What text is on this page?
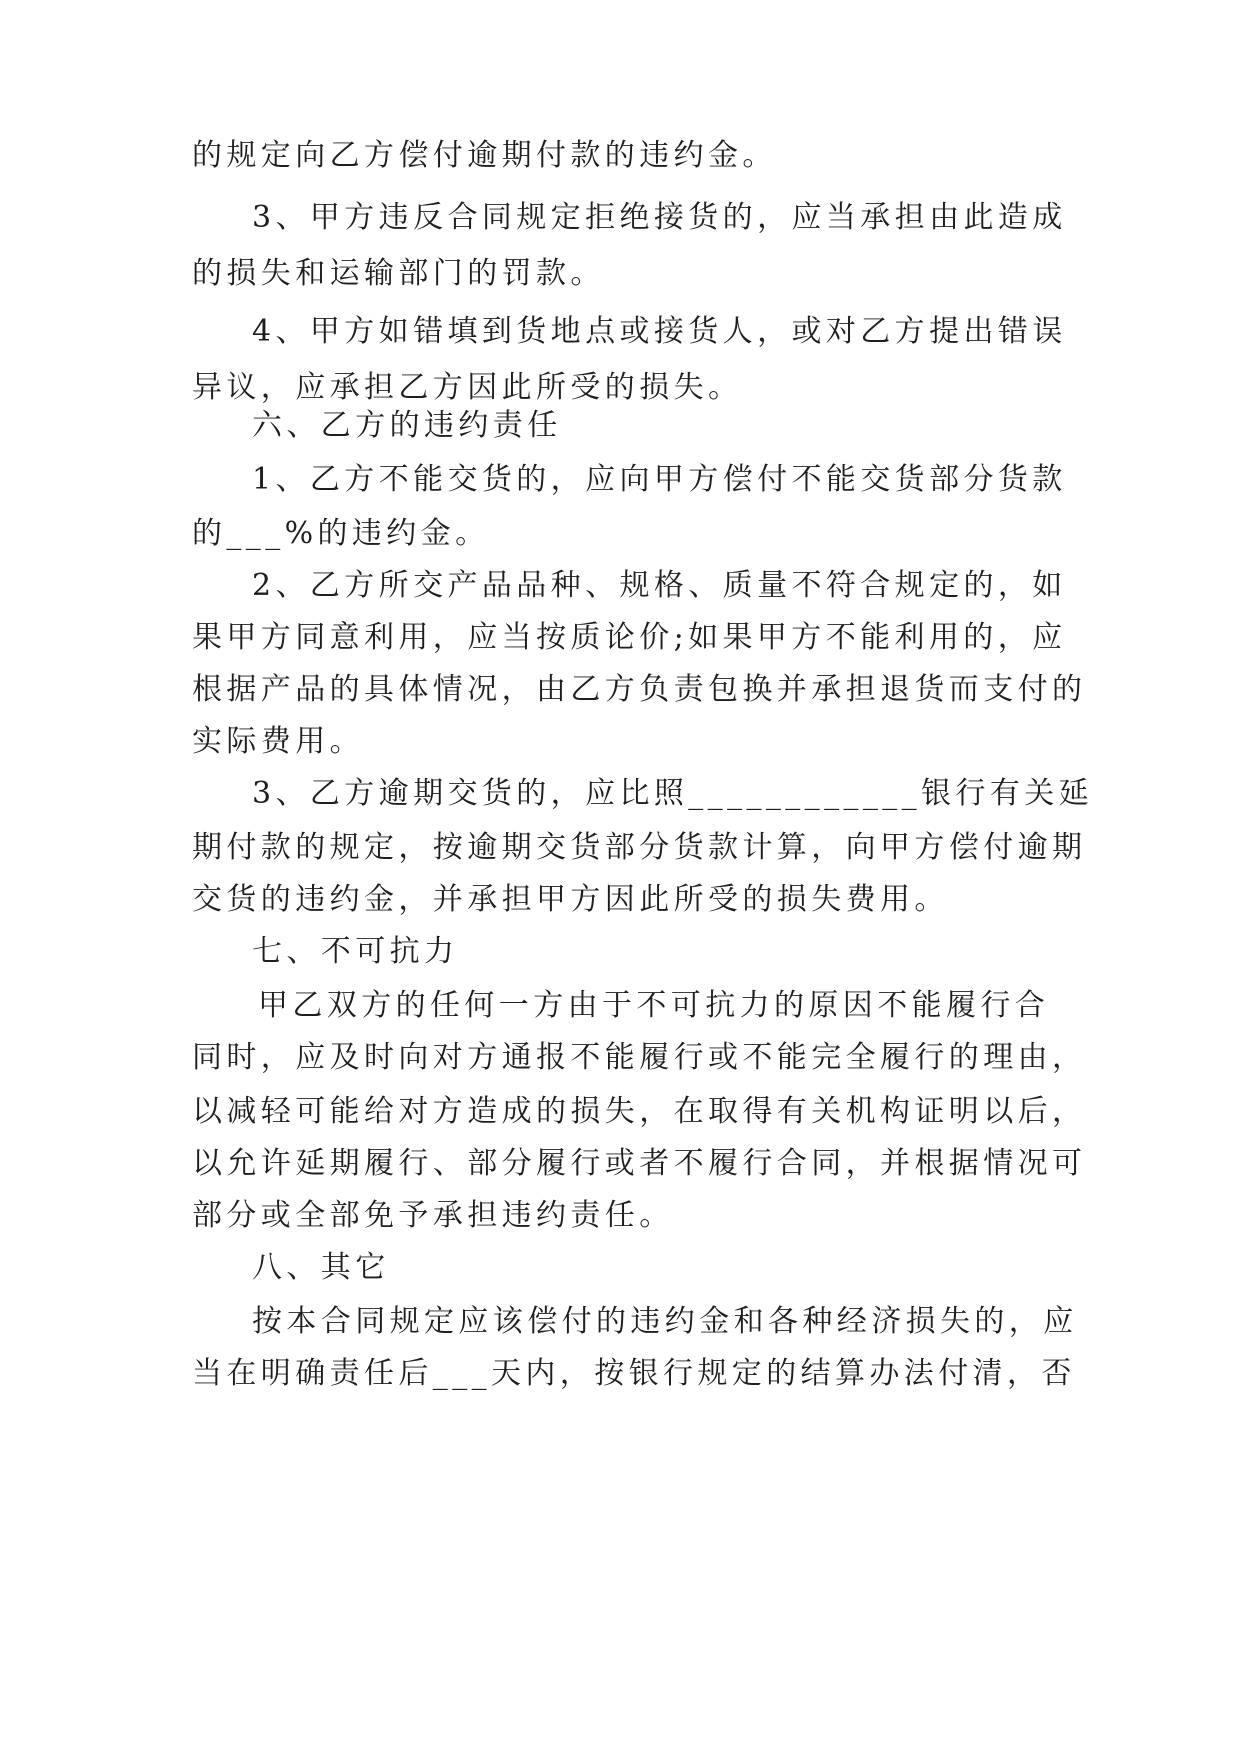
的规定向乙方偿付逾期付款的违约金。
3、甲方违反合同规定拒绝接货的，应当承担由此造成
的损失和运输部门的罚款。
4、甲方如错填到货地点或接货人，或对乙方提出错误
异议，应承担乙方因此所受的损失。
六、乙方的违约责任
1、乙方不能交货的，应向甲方偿付不能交货部分货款
的___%的违约金。
2、乙方所交产品品种、规格、质量不符合规定的，如
果甲方同意利用，应当按质论价;如果甲方不能利用的，应
根据产品的具体情况，由乙方负责包换并承担退货而支付的
实际费用。
3、乙方逾期交货的，应比照____________银行有关延
期付款的规定，按逾期交货部分货款计算，向甲方偿付逾期
交货的违约金，并承担甲方因此所受的损失费用。
七、不可抗力
甲乙双方的任何一方由于不可抗力的原因不能履行合
同时，应及时向对方通报不能履行或不能完全履行的理由，
以减轻可能给对方造成的损失，在取得有关机构证明以后，
以允许延期履行、部分履行或者不履行合同，并根据情况可
部分或全部免予承担违约责任。
八、其它
按本合同规定应该偿付的违约金和各种经济损失的，应
当在明确责任后___天内，按银行规定的结算办法付清，否
